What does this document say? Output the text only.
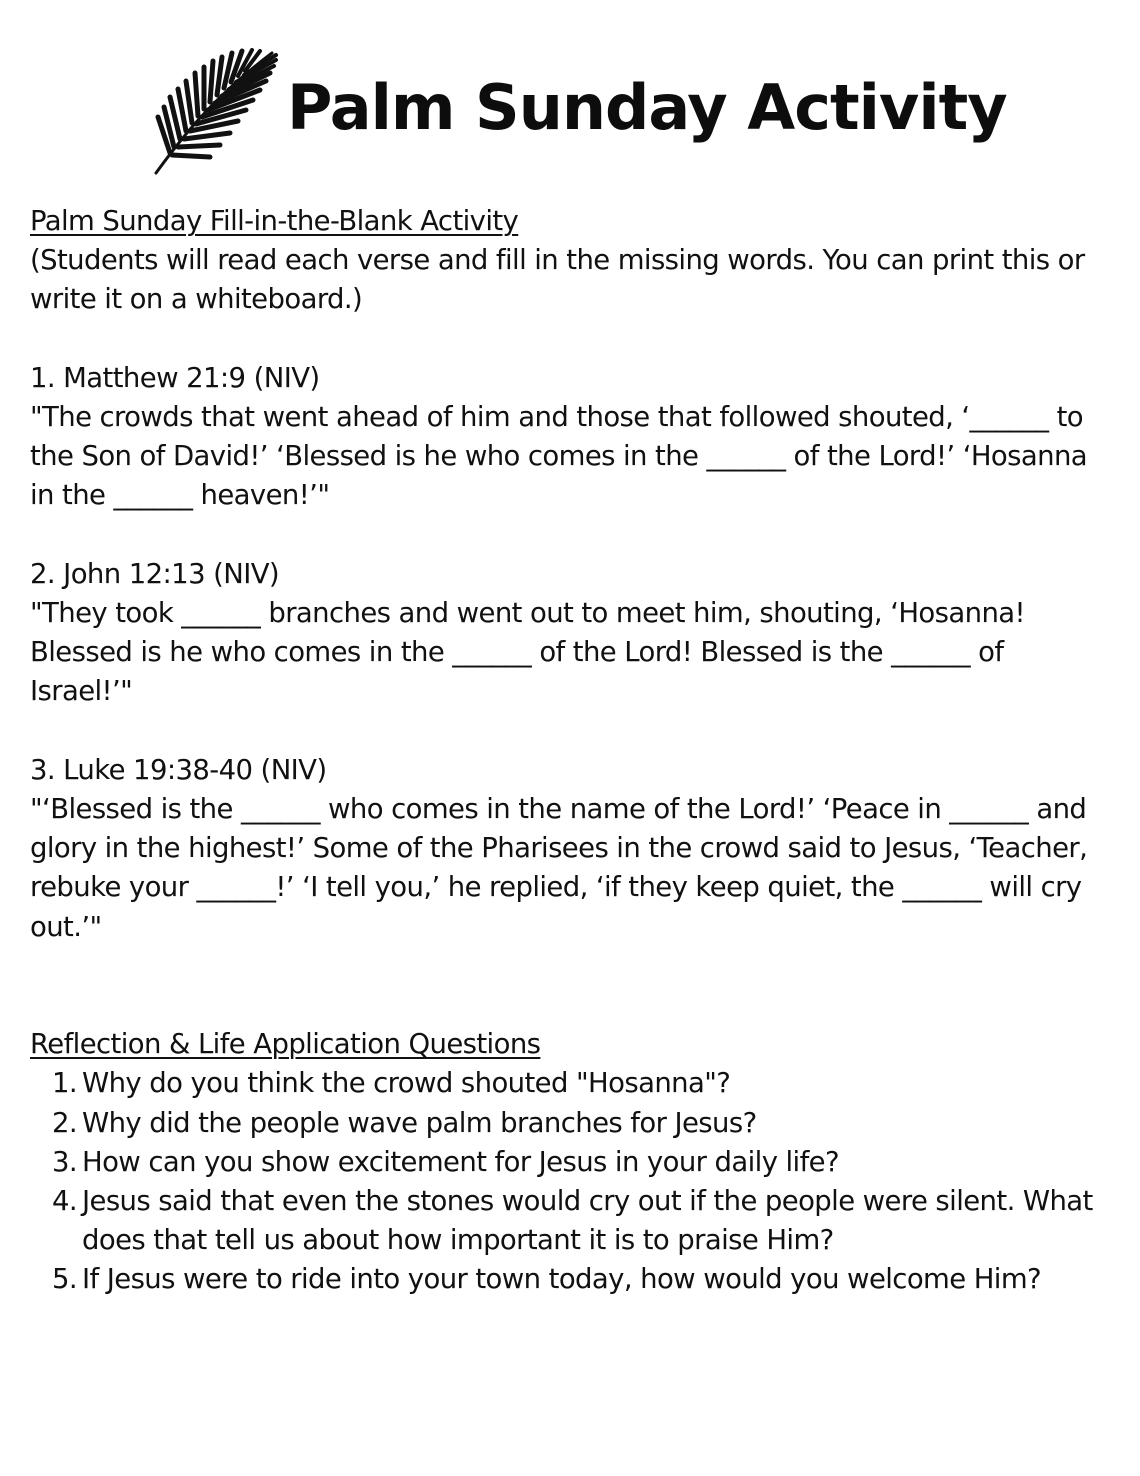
Palm Sunday Activity

Palm Sunday Fill-in-the-Blank Activity

(Students will read each verse and fill in the missing words. You can print this or write it on a whiteboard.)

1. Matthew 21:9 (NIV)

"The crowds that went ahead of him and those that followed shouted, ‘______ to the Son of David!’ ‘Blessed is he who comes in the ______ of the Lord!’ ‘Hosanna in the ______ heaven!’"

2. John 12:13 (NIV)

"They took ______ branches and went out to meet him, shouting, ‘Hosanna! Blessed is he who comes in the ______ of the Lord! Blessed is the ______ of Israel!’"

3. Luke 19:38-40 (NIV)

"‘Blessed is the ______ who comes in the name of the Lord!’ ‘Peace in ______ and glory in the highest!’ Some of the Pharisees in the crowd said to Jesus, ‘Teacher, rebuke your ______!’ ‘I tell you,’ he replied, ‘if they keep quiet, the ______ will cry out.’"

Reflection & Life Application Questions

Why do you think the crowd shouted "Hosanna"?
Why did the people wave palm branches for Jesus?
How can you show excitement for Jesus in your daily life?
Jesus said that even the stones would cry out if the people were silent. What does that tell us about how important it is to praise Him?
If Jesus were to ride into your town today, how would you welcome Him?
